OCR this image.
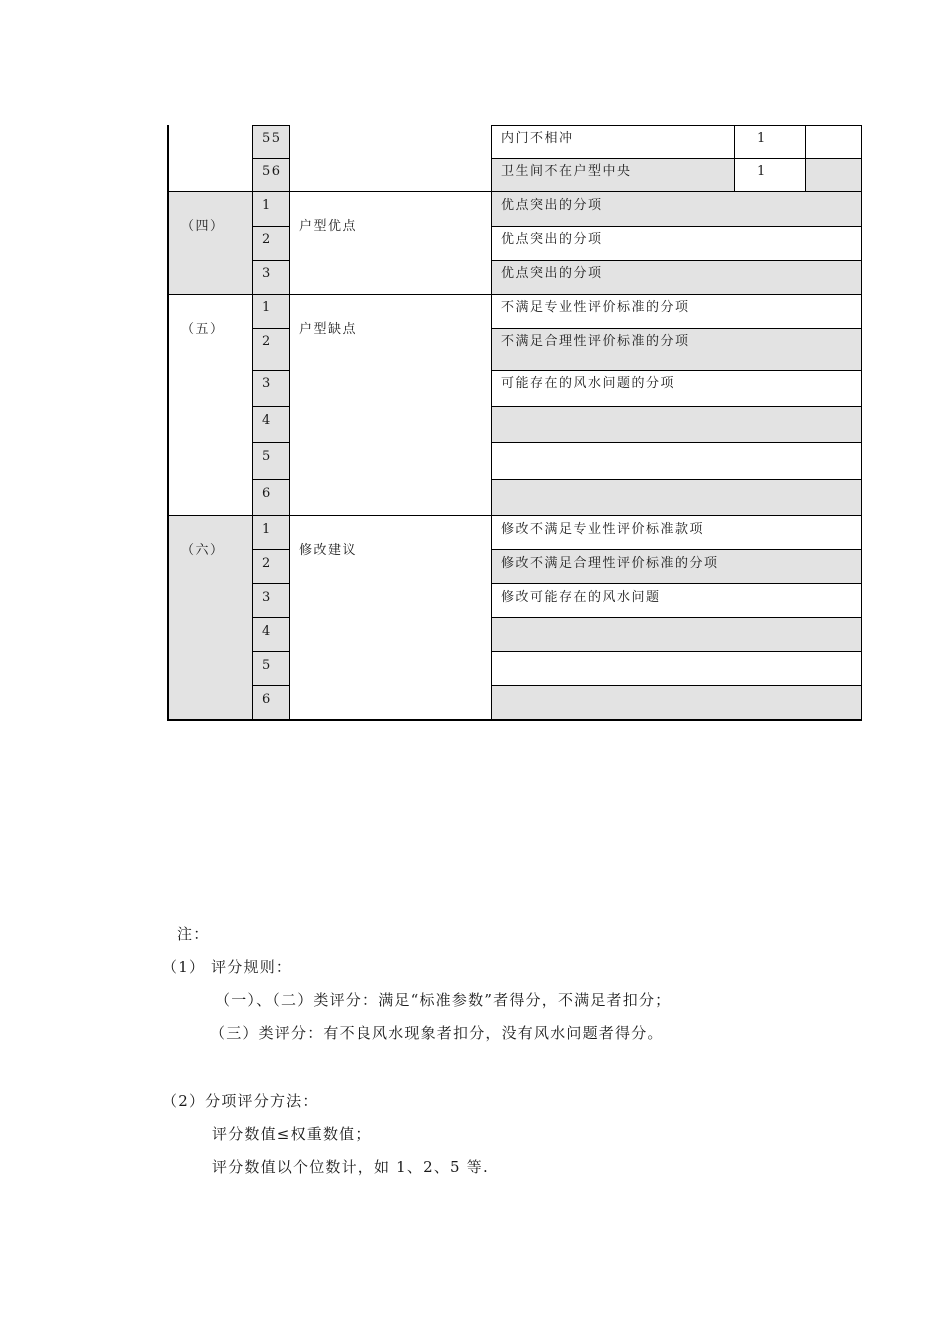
55	内门不相冲	1
56	卫生间不在户型中央	1
（四）	户型优点
1	优点突出的分项
2	优点突出的分项
3	优点突出的分项
（五）	户型缺点
1	不满足专业性评价标准的分项
2	不满足合理性评价标准的分项
3	可能存在的风水问题的分项
4
5
6
（六）	修改建议
1	修改不满足专业性评价标准款项
2	修改不满足合理性评价标准的分项
3	修改可能存在的风水问题
4
5
6
注：
（1） 评分规则：
（一）、（二）类评分：满足“标准参数”者得分，不满足者扣分；
（三）类评分：有不良风水现象者扣分，没有风水问题者得分。
（2）分项评分方法：
评分数值≤权重数值；
评分数值以个位数计，如 1、2、5 等.
